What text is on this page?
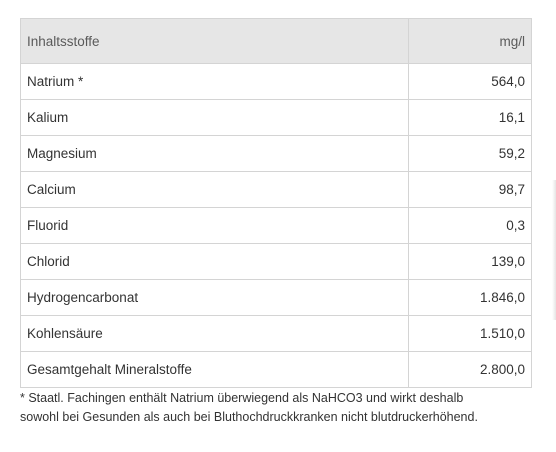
Inhaltsstoffe	mg/l
Natrium *	564,0
Kalium	16,1
Magnesium	59,2
Calcium	98,7
Fluorid	0,3
Chlorid	139,0
Hydrogencarbonat	1.846,0
Kohlensäure	1.510,0
Gesamtgehalt Mineralstoffe	2.800,0
* Staatl. Fachingen enthält Natrium überwiegend als NaHCO3 und wirkt deshalb
sowohl bei Gesunden als auch bei Bluthochdruckkranken nicht blutdruckerhöhend.
